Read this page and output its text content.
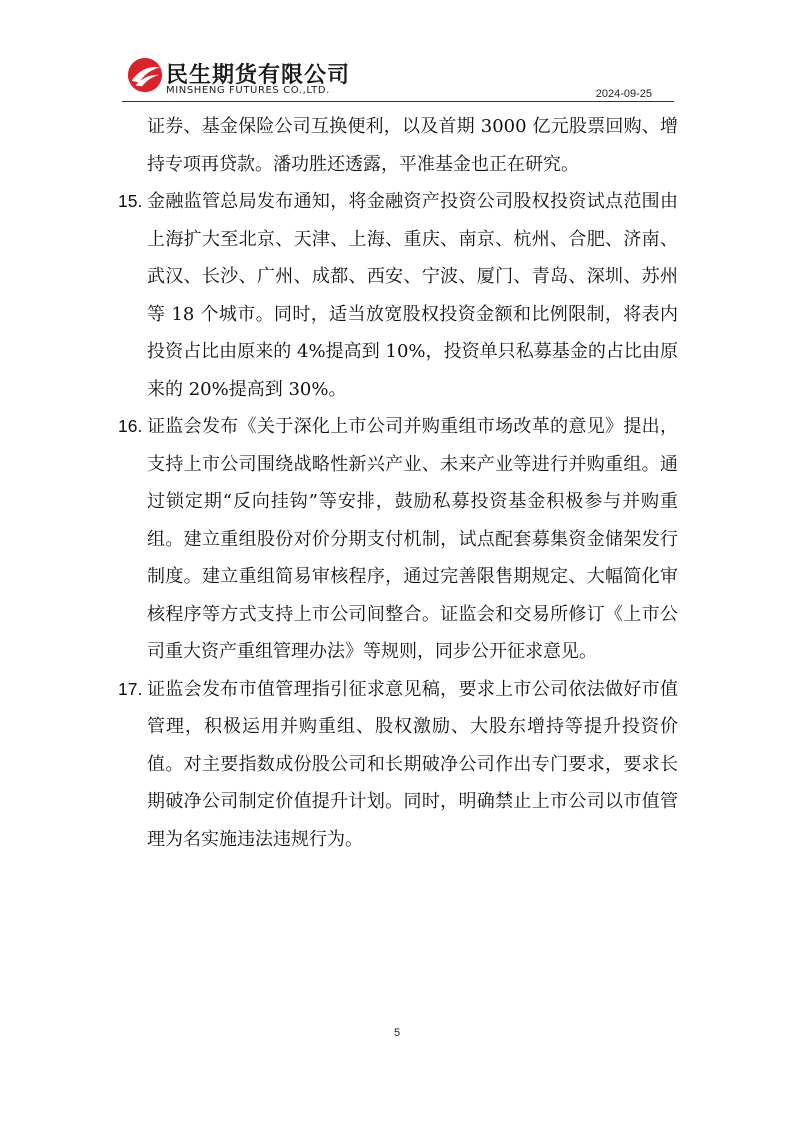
民生期货有限公司
MINSHENG FUTURES CO.,LTD.	2024-09-25
证券、基金保险公司互换便利，以及首期 3000 亿元股票回购、增持专项再贷款。潘功胜还透露，平准基金也正在研究。
15. 金融监管总局发布通知，将金融资产投资公司股权投资试点范围由上海扩大至北京、天津、上海、重庆、南京、杭州、合肥、济南、武汉、长沙、广州、成都、西安、宁波、厦门、青岛、深圳、苏州等 18 个城市。同时，适当放宽股权投资金额和比例限制，将表内投资占比由原来的 4%提高到 10%，投资单只私募基金的占比由原来的 20%提高到 30%。
16. 证监会发布《关于深化上市公司并购重组市场改革的意见》提出，支持上市公司围绕战略性新兴产业、未来产业等进行并购重组。通过锁定期“反向挂钩”等安排，鼓励私募投资基金积极参与并购重组。建立重组股份对价分期支付机制，试点配套募集资金储架发行制度。建立重组简易审核程序，通过完善限售期规定、大幅简化审核程序等方式支持上市公司间整合。证监会和交易所修订《上市公司重大资产重组管理办法》等规则，同步公开征求意见。
17. 证监会发布市值管理指引征求意见稿，要求上市公司依法做好市值管理，积极运用并购重组、股权激励、大股东增持等提升投资价值。对主要指数成份股公司和长期破净公司作出专门要求，要求长期破净公司制定价值提升计划。同时，明确禁止上市公司以市值管理为名实施违法违规行为。
5
